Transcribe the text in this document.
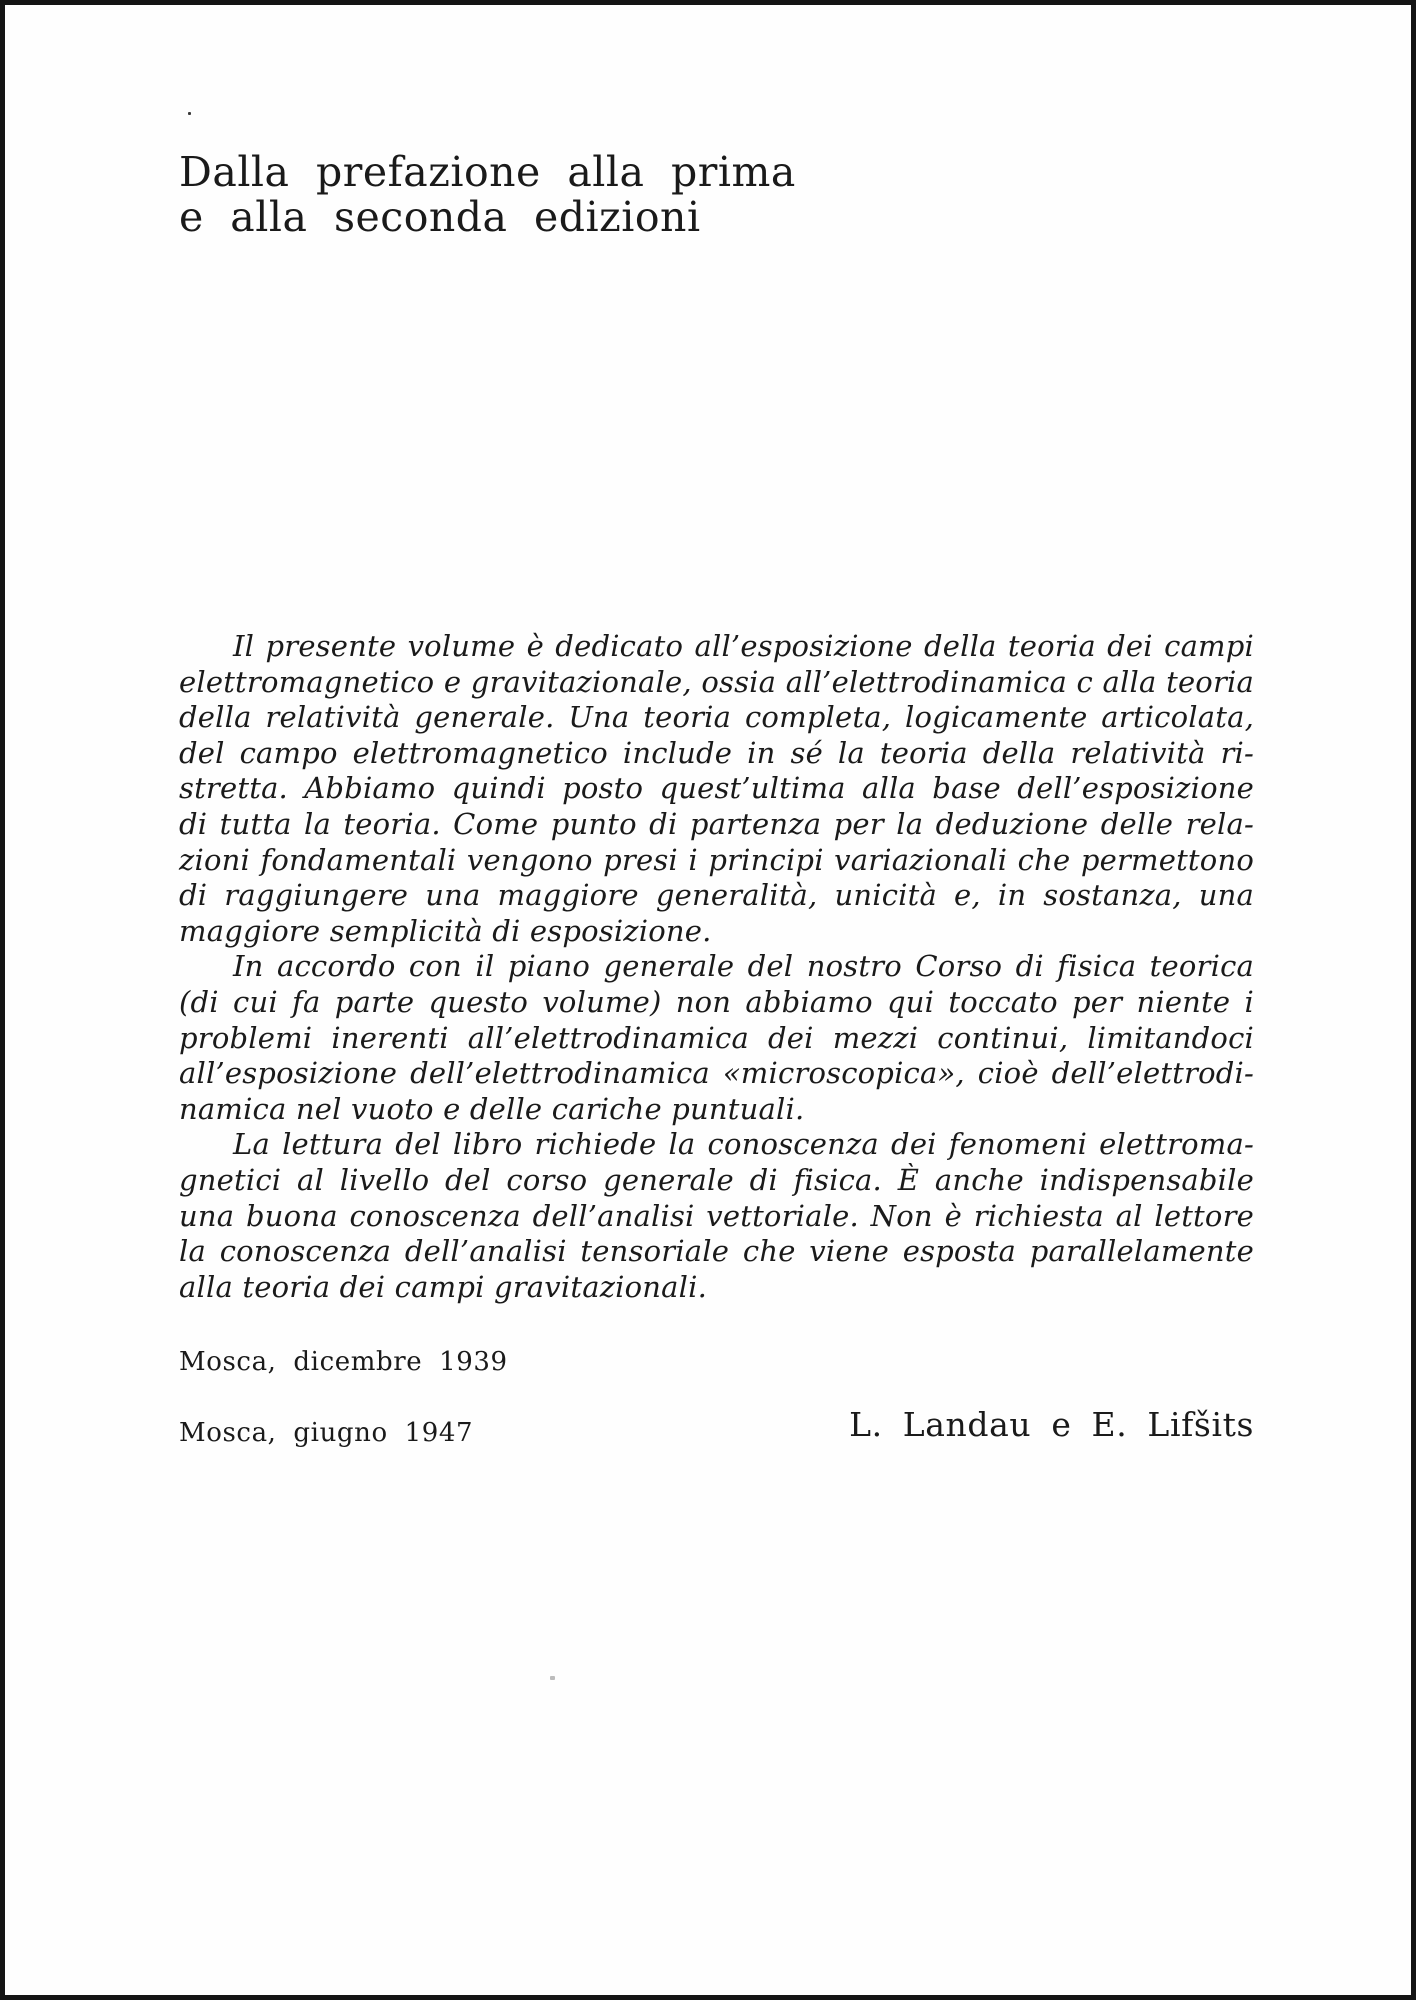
Dalla prefazione alla prima
e alla seconda edizioni
Il presente volume è dedicato all’esposizione della teoria dei campi
elettromagnetico e gravitazionale, ossia all’elettrodinamica c alla teoria
della relatività generale. Una teoria completa, logicamente articolata,
del campo elettromagnetico include in sé la teoria della relatività ri-
stretta. Abbiamo quindi posto quest’ultima alla base dell’esposizione
di tutta la teoria. Come punto di partenza per la deduzione delle rela-
zioni fondamentali vengono presi i principi variazionali che permettono
di raggiungere una maggiore generalità, unicità e, in sostanza, una
maggiore semplicità di esposizione.
In accordo con il piano generale del nostro Corso di fisica teorica
(di cui fa parte questo volume) non abbiamo qui toccato per niente i
problemi inerenti all’elettrodinamica dei mezzi continui, limitandoci
all’esposizione dell’elettrodinamica «microscopica», cioè dell’elettrodi-
namica nel vuoto e delle cariche puntuali.
La lettura del libro richiede la conoscenza dei fenomeni elettroma-
gnetici al livello del corso generale di fisica. È anche indispensabile
una buona conoscenza dell’analisi vettoriale. Non è richiesta al lettore
la conoscenza dell’analisi tensoriale che viene esposta parallelamente
alla teoria dei campi gravitazionali.
Mosca, dicembre 1939
Mosca, giugno 1947	L. Landau e E. Lifšits
